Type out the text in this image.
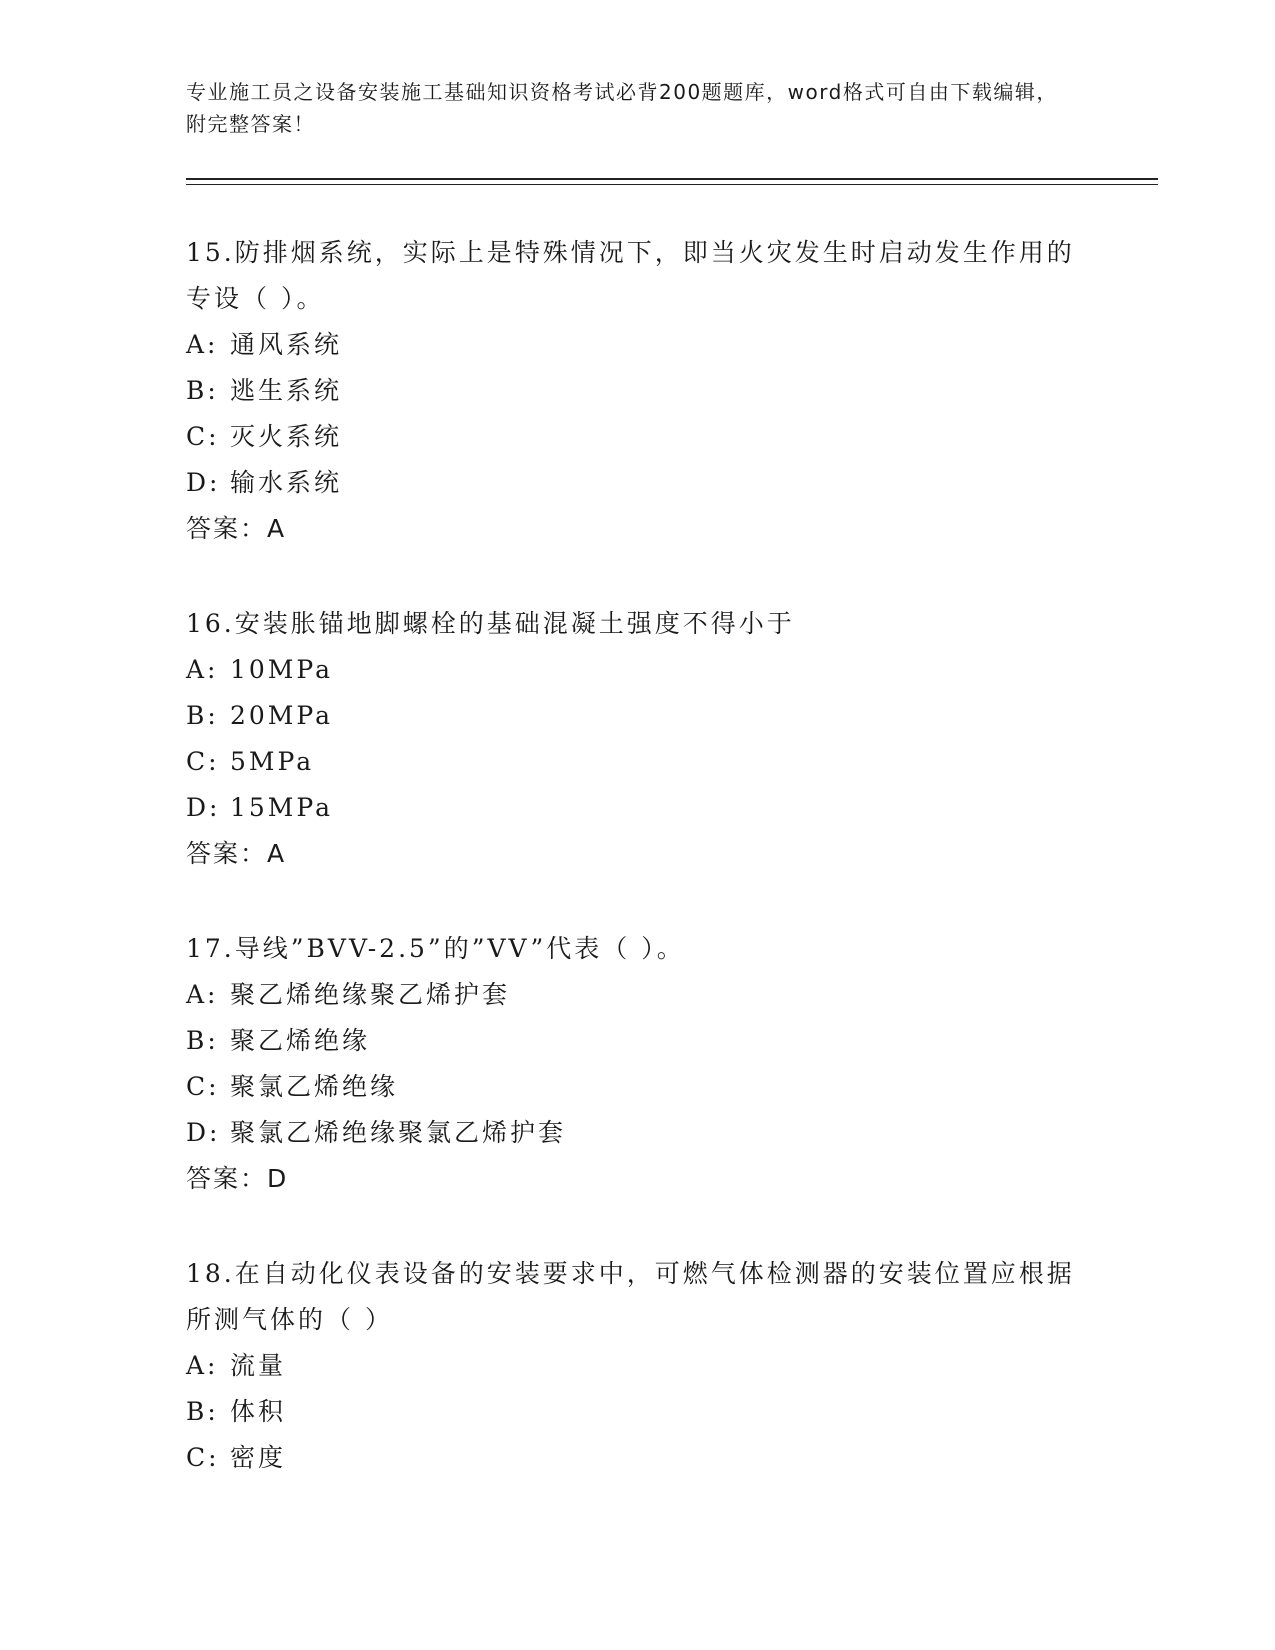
专业施工员之设备安装施工基础知识资格考试必背200题题库，word格式可自由下载编辑，附完整答案！
15.防排烟系统，实际上是特殊情况下，即当火灾发生时启动发生作用的专设（ ）。
A: 通风系统
B: 逃生系统
C: 灭火系统
D: 输水系统
答案：A
16.安装胀锚地脚螺栓的基础混凝土强度不得小于
A: 10MPa
B: 20MPa
C: 5MPa
D: 15MPa
答案：A
17.导线”BVV-2.5”的”VV”代表（ ）。
A: 聚乙烯绝缘聚乙烯护套
B: 聚乙烯绝缘
C: 聚氯乙烯绝缘
D: 聚氯乙烯绝缘聚氯乙烯护套
答案：D
18.在自动化仪表设备的安装要求中，可燃气体检测器的安装位置应根据所测气体的（ ）
A: 流量
B: 体积
C: 密度
